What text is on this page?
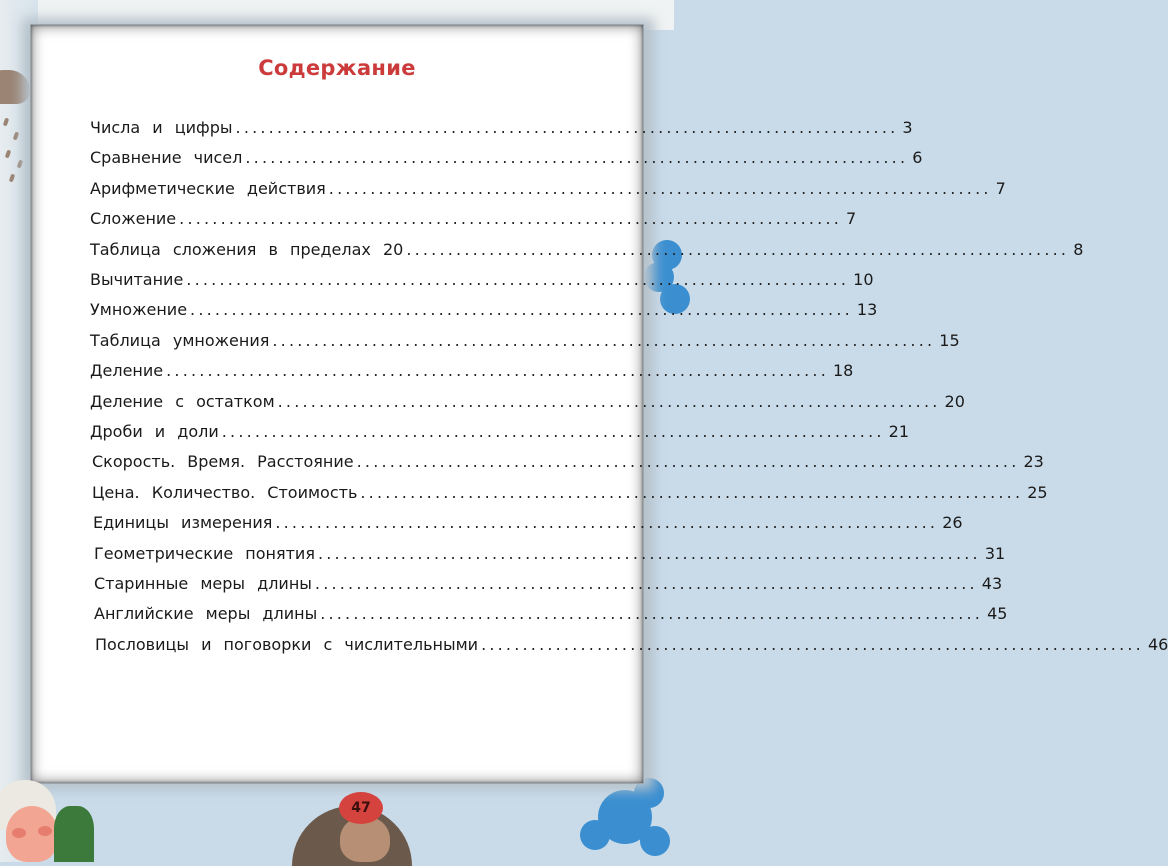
Содержание
Числа и цифры ................................................................................ 3
Сравнение чисел ................................................................................ 6
Арифметические действия ................................................................................ 7
Сложение ................................................................................ 7
Таблица сложения в пределах 20 ................................................................................ 8
Вычитание ................................................................................ 10
Умножение ................................................................................ 13
Таблица умножения ................................................................................ 15
Деление ................................................................................ 18
Деление с остатком ................................................................................ 20
Дроби и доли ................................................................................ 21
Скорость. Время. Расстояние ................................................................................ 23
Цена. Количество. Стоимость ................................................................................ 25
Единицы измерения ................................................................................ 26
Геометрические понятия ................................................................................ 31
Старинные меры длины ................................................................................ 43
Английские меры длины ................................................................................ 45
Пословицы и поговорки с числительными ................................................................................ 46
47
